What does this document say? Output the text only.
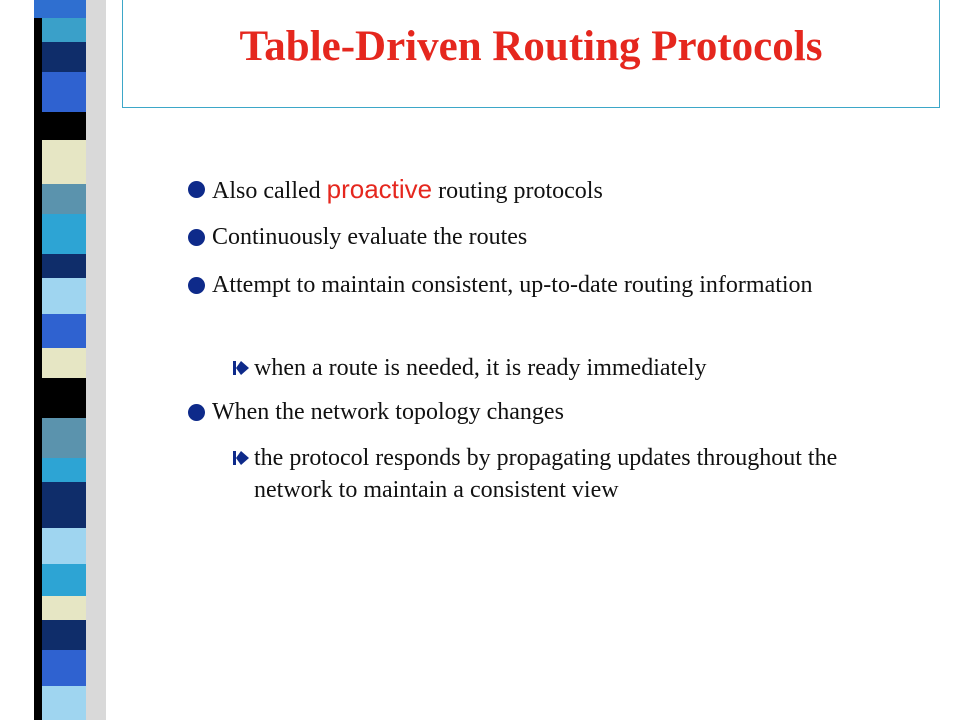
Table-Driven Routing Protocols
Also called proactive routing protocols
Continuously evaluate the routes
Attempt to maintain consistent, up-to-date routing information
when a route is needed, it is ready immediately
When the network topology changes
the protocol responds by propagating updates throughout the network to maintain a consistent view
